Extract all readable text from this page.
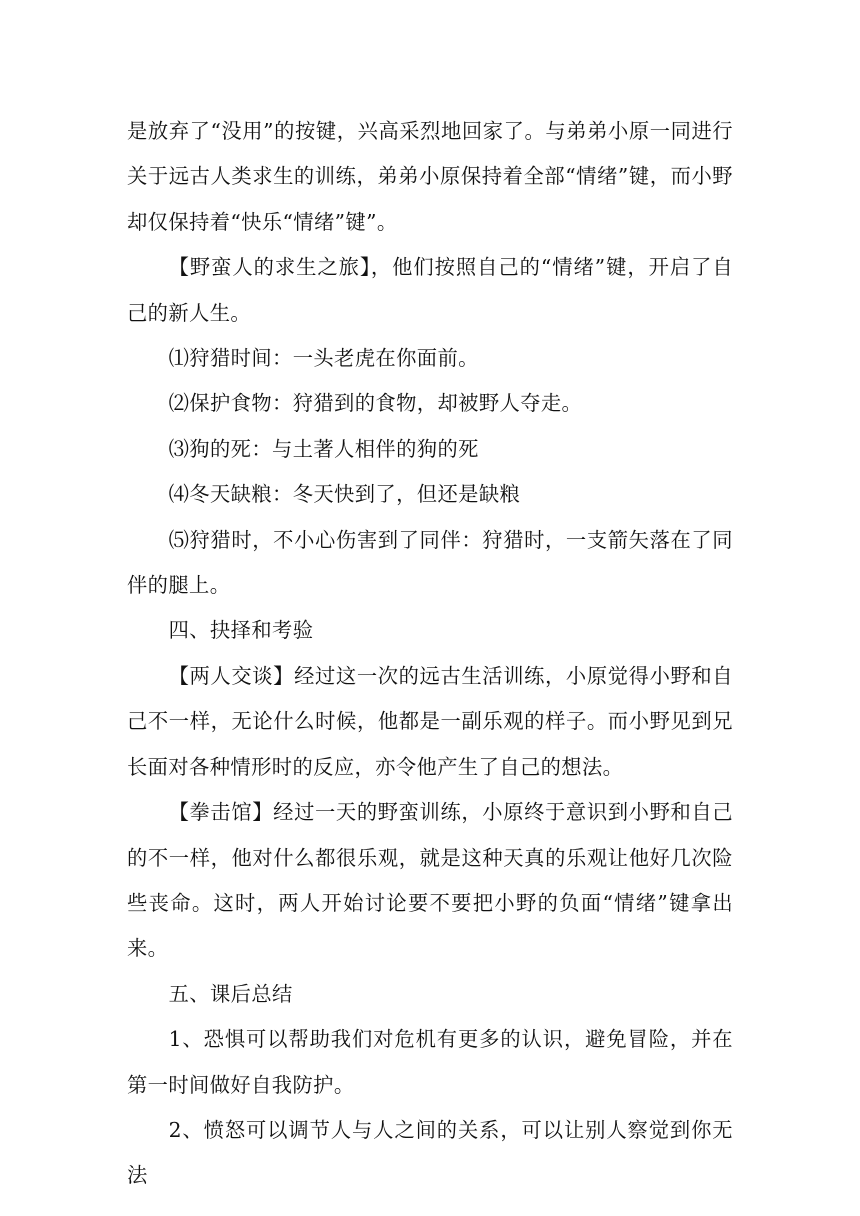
是放弃了“没用”的按键，兴高采烈地回家了。与弟弟小原一同进行关于远古人类求生的训练，弟弟小原保持着全部“情绪”键，而小野却仅保持着“快乐“情绪”键”。

【野蛮人的求生之旅】，他们按照自己的“情绪”键，开启了自己的新人生。

⑴狩猎时间：一头老虎在你面前。

⑵保护食物：狩猎到的食物，却被野人夺走。

⑶狗的死：与土著人相伴的狗的死

⑷冬天缺粮：冬天快到了，但还是缺粮

⑸狩猎时，不小心伤害到了同伴：狩猎时，一支箭矢落在了同伴的腿上。

四、抉择和考验

【两人交谈】经过这一次的远古生活训练，小原觉得小野和自己不一样，无论什么时候，他都是一副乐观的样子。而小野见到兄长面对各种情形时的反应，亦令他产生了自己的想法。

【拳击馆】经过一天的野蛮训练，小原终于意识到小野和自己的不一样，他对什么都很乐观，就是这种天真的乐观让他好几次险些丧命。这时，两人开始讨论要不要把小野的负面“情绪”键拿出来。

五、课后总结

1、恐惧可以帮助我们对危机有更多的认识，避免冒险，并在第一时间做好自我防护。

2、愤怒可以调节人与人之间的关系，可以让别人察觉到你无法
